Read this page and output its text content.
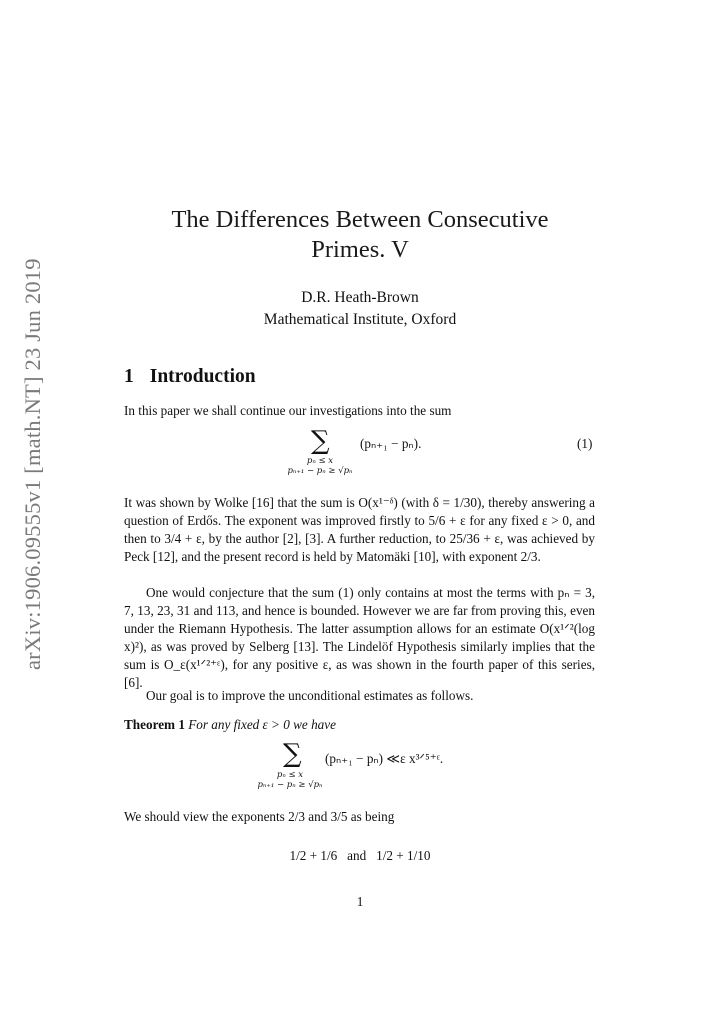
arXiv:1906.09555v1 [math.NT] 23 Jun 2019
The Differences Between Consecutive
Primes. V
D.R. Heath-Brown
Mathematical Institute, Oxford
1 Introduction
In this paper we shall continue our investigations into the sum
∑
pₙ ≤ x
pₙ₊₁ − pₙ ≥ √pₙ
(pₙ₊₁ − pₙ).	(1)
It was shown by Wolke [16] that the sum is O(x¹⁻ᵟ) (with δ = 1/30), thereby answering a question of Erdős. The exponent was improved firstly to 5/6 + ε for any fixed ε > 0, and then to 3/4 + ε, by the author [2], [3]. A further reduction, to 25/36 + ε, was achieved by Peck [12], and the present record is held by Matomäki [10], with exponent 2/3.
One would conjecture that the sum (1) only contains at most the terms with pₙ = 3, 7, 13, 23, 31 and 113, and hence is bounded. However we are far from proving this, even under the Riemann Hypothesis. The latter assumption allows for an estimate O(x¹ᐟ²(log x)²), as was proved by Selberg [13]. The Lindelöf Hypothesis similarly implies that the sum is O_ε(x¹ᐟ²⁺ᵋ), for any positive ε, as was shown in the fourth paper of this series, [6].
Our goal is to improve the unconditional estimates as follows.
Theorem 1 For any fixed ε > 0 we have
∑
pₙ ≤ x
pₙ₊₁ − pₙ ≥ √pₙ
(pₙ₊₁ − pₙ) ≪ε x³ᐟ⁵⁺ᵋ.
We should view the exponents 2/3 and 3/5 as being
1/2 + 1/6   and   1/2 + 1/10
1
